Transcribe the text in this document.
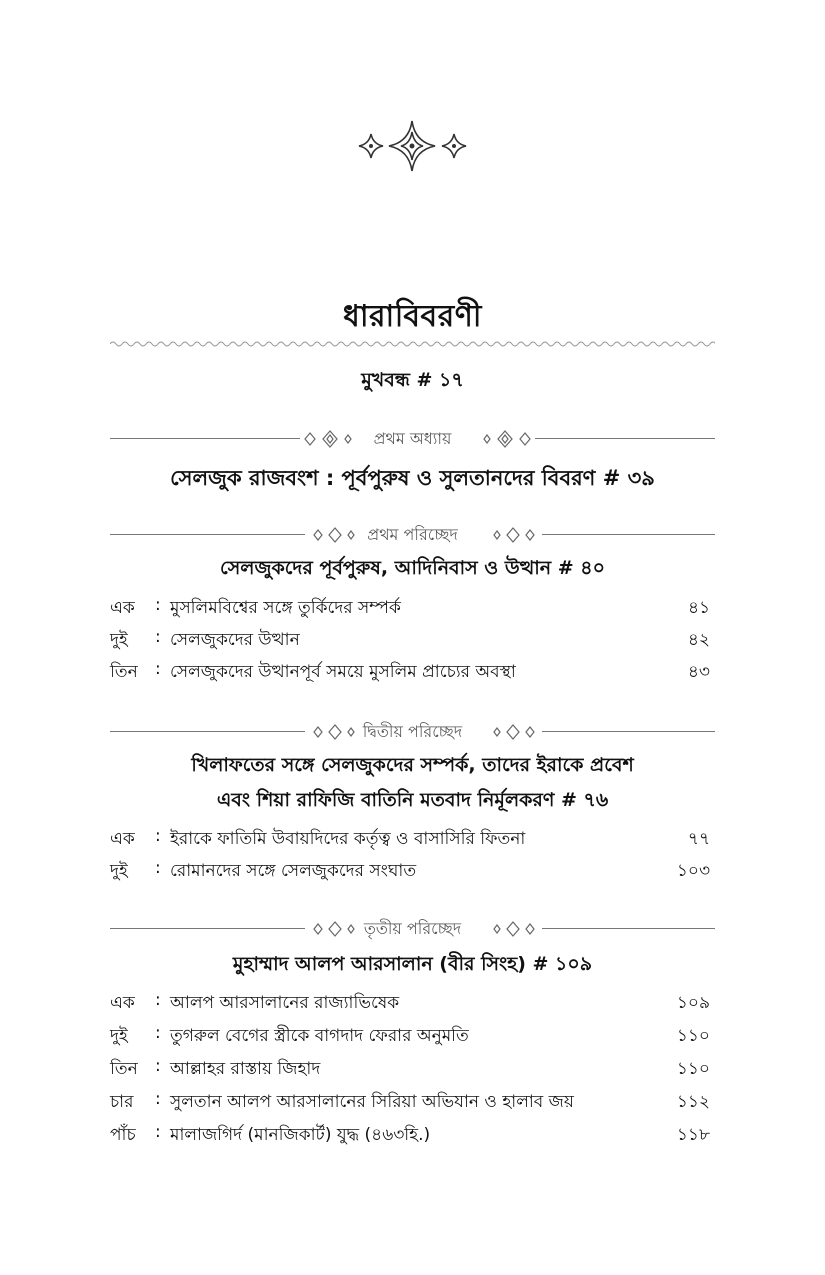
ধারাবিবরণী
মুখবন্ধ # ১৭
প্রথম অধ্যায়
সেলজুক রাজবংশ : পূর্বপুরুষ ও সুলতানদের বিবরণ # ৩৯
প্রথম পরিচ্ছেদ
সেলজুকদের পূর্বপুরুষ, আদিনিবাস ও উত্থান # ৪০
এক : মুসলিমবিশ্বের সঙ্গে তুর্কিদের সম্পর্ক	৪১
দুই : সেলজুকদের উত্থান	৪২
তিন : সেলজুকদের উত্থানপূর্ব সময়ে মুসলিম প্রাচ্যের অবস্থা	৪৩
দ্বিতীয় পরিচ্ছেদ
খিলাফতের সঙ্গে সেলজুকদের সম্পর্ক, তাদের ইরাকে প্রবেশ
এবং শিয়া রাফিজি বাতিনি মতবাদ নির্মূলকরণ # ৭৬
এক : ইরাকে ফাতিমি উবায়দিদের কর্তৃত্ব ও বাসাসিরি ফিতনা	৭৭
দুই : রোমানদের সঙ্গে সেলজুকদের সংঘাত	১০৩
তৃতীয় পরিচ্ছেদ
মুহাম্মাদ আলপ আরসালান (বীর সিংহ) # ১০৯
এক : আলপ আরসালানের রাজ্যাভিষেক	১০৯
দুই : তুগরুল বেগের স্ত্রীকে বাগদাদ ফেরার অনুমতি	১১০
তিন : আল্লাহর রাস্তায় জিহাদ	১১০
চার : সুলতান আলপ আরসালানের সিরিয়া অভিযান ও হালাব জয়	১১২
পাঁচ : মালাজগির্দ (মানজিকার্ট) যুদ্ধ (৪৬৩হি.)	১১৮
